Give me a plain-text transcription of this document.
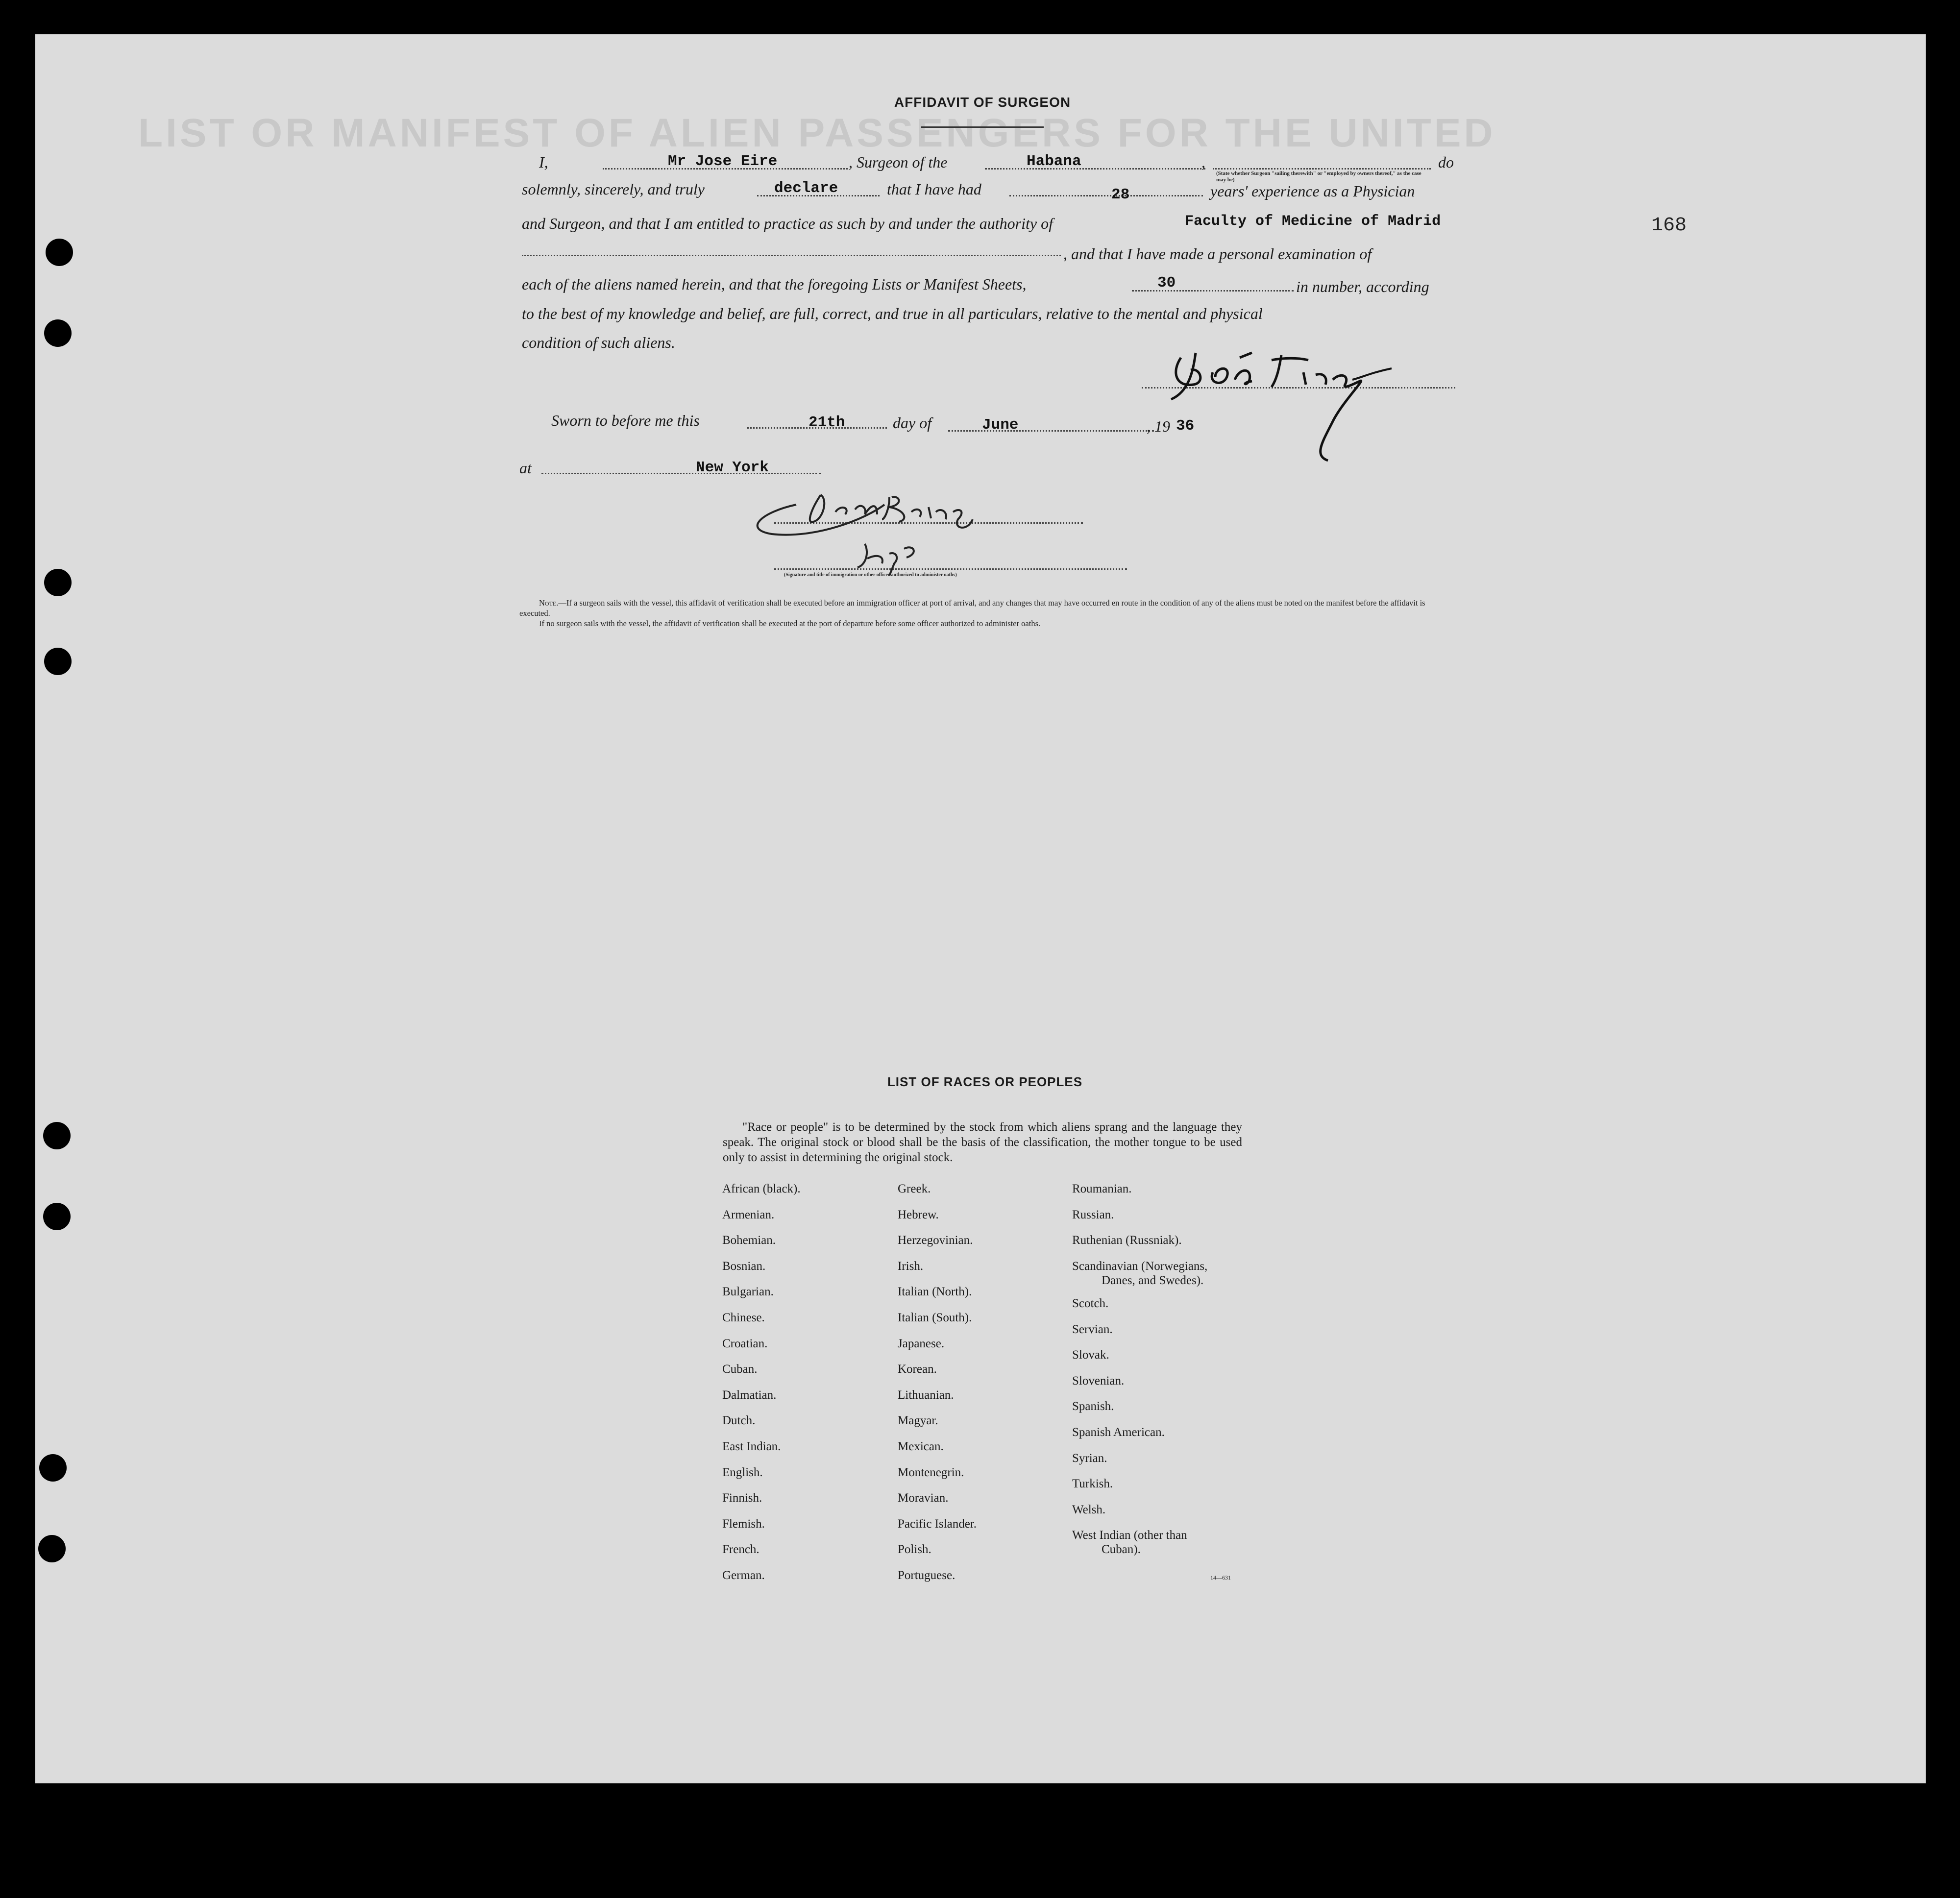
LIST OR MANIFEST OF ALIEN PASSENGERS FOR THE UNITED
168
AFFIDAVIT OF SURGEON
I,	Mr Jose Eire	, Surgeon of the	Habana	,
(State whether Surgeon "sailing therewith" or "employed by owners thereof," as the case may be)
do
solemnly, sincerely, and truly	declare	that I have had	28	years' experience as a Physician
and Surgeon, and that I am entitled to practice as such by and under the authority of	Faculty of Medicine of Madrid
, and that I have made a personal examination of
each of the aliens named herein, and that the foregoing Lists or Manifest Sheets,	30	in number, according
to the best of my knowledge and belief, are full, correct, and true in all particulars, relative to the mental and physical
condition of such aliens.
Sworn to before me this	21th	day of	June	, 19 36
at	New York
(Signature and title of immigration or other officer authorized to administer oaths)
Note.—If a surgeon sails with the vessel, this affidavit of verification shall be executed before an immigration officer at port of arrival, and any changes that may have occurred en route in the condition of any of the aliens must be noted on the manifest before the affidavit is executed.
If no surgeon sails with the vessel, the affidavit of verification shall be executed at the port of departure before some officer authorized to administer oaths.
LIST OF RACES OR PEOPLES
"Race or people" is to be determined by the stock from which aliens sprang and the language they speak. The original stock or blood shall be the basis of the classification, the mother tongue to be used only to assist in determining the original stock.
African (black).
Armenian.
Bohemian.
Bosnian.
Bulgarian.
Chinese.
Croatian.
Cuban.
Dalmatian.
Dutch.
East Indian.
English.
Finnish.
Flemish.
French.
German.
Greek.
Hebrew.
Herzegovinian.
Irish.
Italian (North).
Italian (South).
Japanese.
Korean.
Lithuanian.
Magyar.
Mexican.
Montenegrin.
Moravian.
Pacific Islander.
Polish.
Portuguese.
Roumanian.
Russian.
Ruthenian (Russniak).
Scandinavian (Norwegians,
Danes, and Swedes).
Scotch.
Servian.
Slovak.
Slovenian.
Spanish.
Spanish American.
Syrian.
Turkish.
Welsh.
West Indian (other than
Cuban).
14—631
